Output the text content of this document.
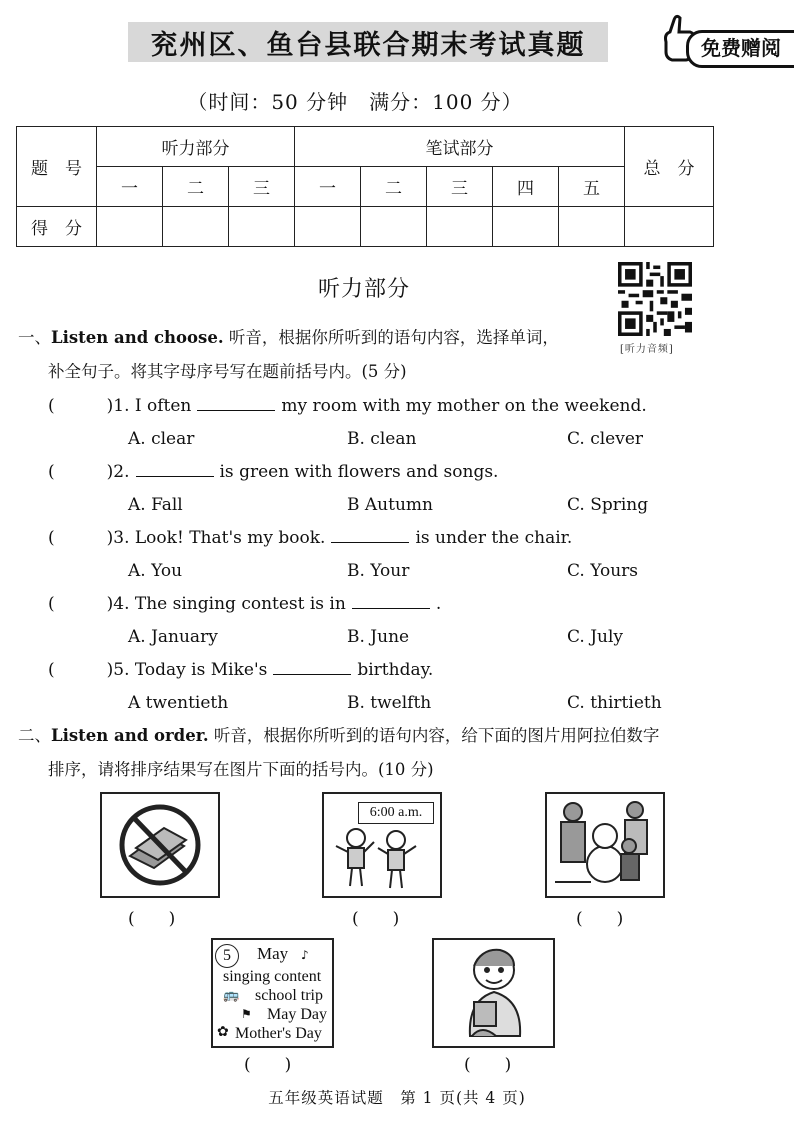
兖州区、鱼台县联合期末考试真题	免费赠阅
（时间：50 分钟　满分：100 分）
题　号	听力部分			笔试部分					总　分
	一	二	三	一	二	三	四	五	
得　分									
听力部分
[听力音频]
一、Listen and choose. 听音，根据你所听到的语句内容，选择单词，
补全句子。将其字母序号写在题前括号内。(5 分)
(	)1. I often	my room with my mother on the weekend.
A. clear	B. clean	C. clever
(	)2.	is green with flowers and songs.
A. Fall	B Autumn	C. Spring
(	)3. Look! That's my book.	is under the chair.
A. You	B. Your	C. Yours
(	)4. The singing contest is in	.
A. January	B. June	C. July
(	)5. Today is Mike's	birthday.
A twentieth	B. twelfth	C. thirtieth
二、Listen and order. 听音，根据你所听到的语句内容，给下面的图片用阿拉伯数字
排序，请将排序结果写在图片下面的括号内。(10 分)
(　　)
6:00 a.m.
(　　)	(　　)
5	May ♪
singing content
🚌 school trip
⚑ May Day
✿ Mother's Day
(　　)	(　　)
五年级英语试题　第 1 页(共 4 页)
